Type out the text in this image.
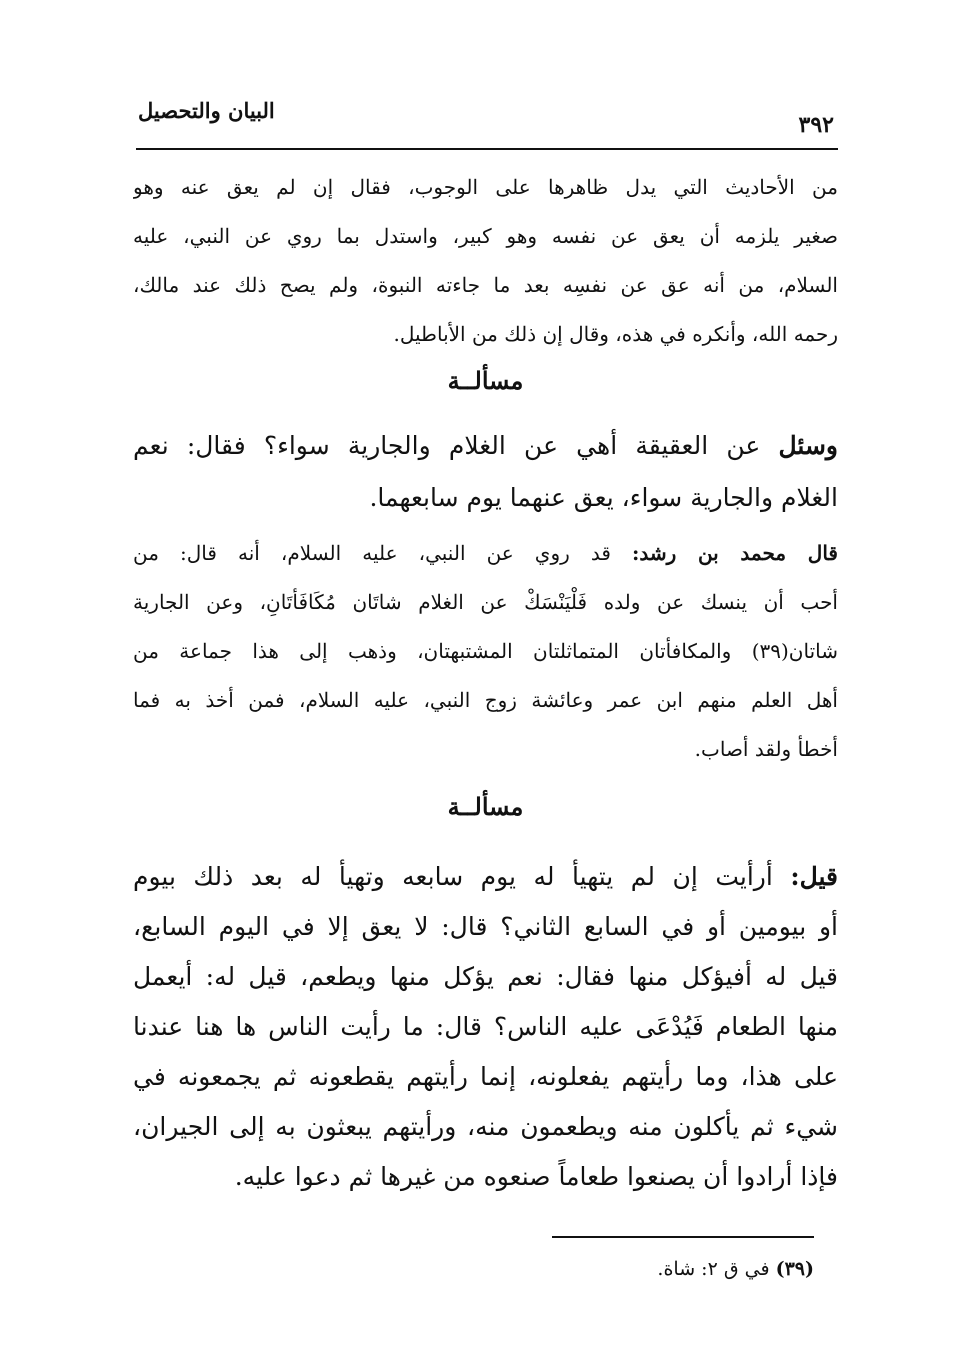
البيان والتحصيل
٣٩٢
من الأحاديث التي يدل ظاهرها على الوجوب، فقال إن لم يعق عنه وهو
صغير يلزمه أن يعق عن نفسه وهو كبير، واستدل بما روي عن النبي، عليه
السلام، من أنه عق عن نفسِه بعد ما جاءته النبوة، ولم يصح ذلك عند مالك،
رحمه الله، وأنكره في هذه، وقال إن ذلك من الأباطيل.
مسألــة
وسئل عن العقيقة أهي عن الغلام والجارية سواء؟ فقال: نعم
الغلام والجارية سواء، يعق عنهما يوم سابعهما.
قال محمد بن رشد: قد روي عن النبي، عليه السلام، أنه قال: من
أحب أن ينسك عن ولده فَلْيَنْسَكْ عن الغلام شاتَان مُكَافَأتَانِ، وعن الجارية
شاتان(٣٩) والمكافأتان المتماثلتان المشتبهتان، وذهب إلى هذا جماعة من
أهل العلم منهم ابن عمر وعائشة زوج النبي، عليه السلام، فمن أخذ به فما
أخطأ ولقد أصاب.
مسألــة
قيل: أرأيت إن لم يتهيأ له يوم سابعه وتهيأ له بعد ذلك بيوم
أو بيومين أو في السابع الثاني؟ قال: لا يعق إلا في اليوم السابع،
قيل له أفيؤكل منها فقال: نعم يؤكل منها ويطعم، قيل له: أيعمل
منها الطعام فَيُدْعَى عليه الناس؟ قال: ما رأيت الناس ها هنا عندنا
على هذا، وما رأيتهم يفعلونه، إنما رأيتهم يقطعونه ثم يجمعونه في
شيء ثم يأكلون منه ويطعمون منه، ورأيتهم يبعثون به إلى الجيران،
فإذا أرادوا أن يصنعوا طعاماً صنعوه من غيرها ثم دعوا عليه.
(٣٩) في ق ٢: شاة.
